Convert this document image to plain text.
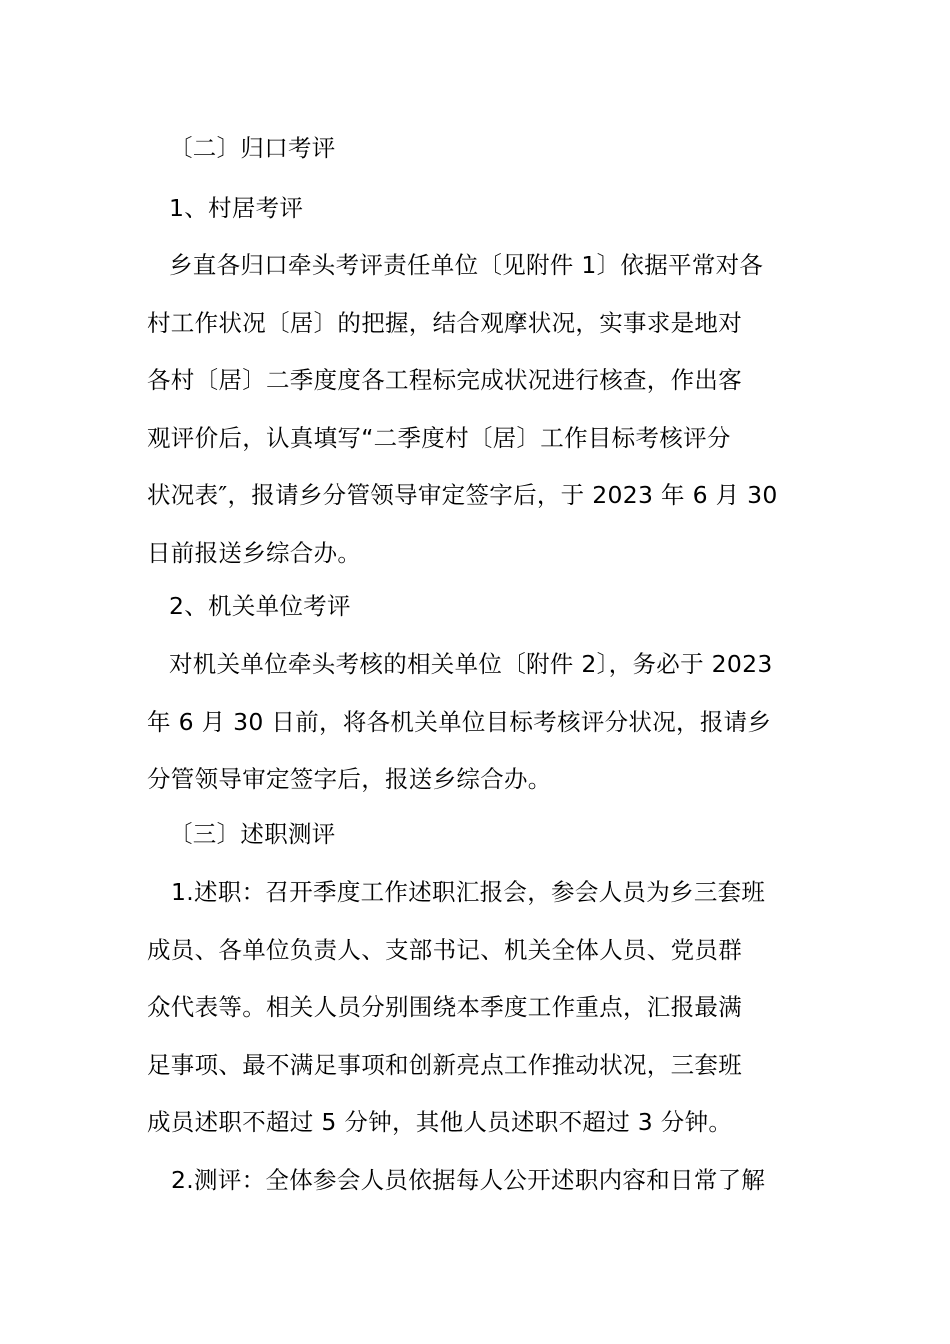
〔二〕归口考评
1、村居考评
乡直各归口牵头考评责任单位〔见附件 1〕依据平常对各
村工作状况〔居〕的把握，结合观摩状况，实事求是地对
各村〔居〕二季度度各工程标完成状况进行核查，作出客
观评价后，认真填写“二季度村〔居〕工作目标考核评分
状况表″，报请乡分管领导审定签字后，于 2023 年 6 月 30
日前报送乡综合办。
2、机关单位考评
对机关单位牵头考核的相关单位〔附件 2〕，务必于 2023
年 6 月 30 日前，将各机关单位目标考核评分状况，报请乡
分管领导审定签字后，报送乡综合办。
〔三〕述职测评
1.述职：召开季度工作述职汇报会，参会人员为乡三套班
成员、各单位负责人、支部书记、机关全体人员、党员群
众代表等。相关人员分别围绕本季度工作重点，汇报最满
足事项、最不满足事项和创新亮点工作推动状况，三套班
成员述职不超过 5 分钟，其他人员述职不超过 3 分钟。
2.测评：全体参会人员依据每人公开述职内容和日常了解
